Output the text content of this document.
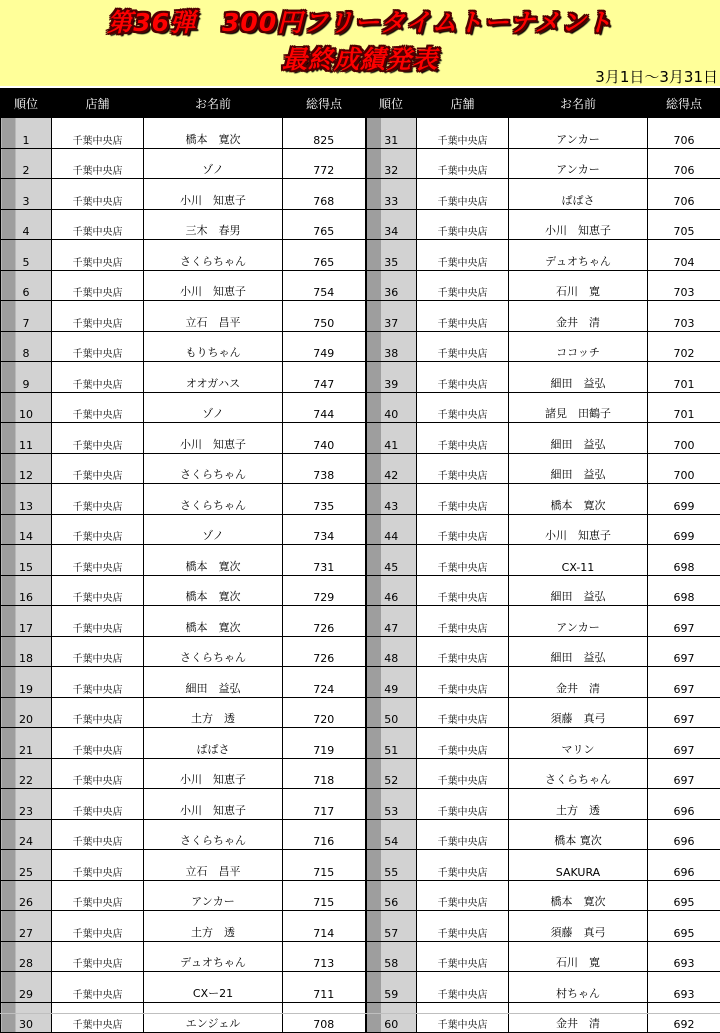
第36弾　300円フリータイムトーナメント
最終成績発表
3月1日～3月31日
順位	店舗	お名前	総得点	順位	店舗	お名前	総得点
1	千葉中央店	橋本　寛次	825	31	千葉中央店	アンカー	706
2	千葉中央店	ゾノ	772	32	千葉中央店	アンカー	706
3	千葉中央店	小川　知恵子	768	33	千葉中央店	ぱぱさ	706
4	千葉中央店	三木　春男	765	34	千葉中央店	小川　知恵子	705
5	千葉中央店	さくらちゃん	765	35	千葉中央店	デュオちゃん	704
6	千葉中央店	小川　知恵子	754	36	千葉中央店	石川　寛	703
7	千葉中央店	立石　昌平	750	37	千葉中央店	金井　清	703
8	千葉中央店	もりちゃん	749	38	千葉中央店	ココッチ	702
9	千葉中央店	オオガハス	747	39	千葉中央店	細田　益弘	701
10	千葉中央店	ゾノ	744	40	千葉中央店	諸見　田鶴子	701
11	千葉中央店	小川　知恵子	740	41	千葉中央店	細田　益弘	700
12	千葉中央店	さくらちゃん	738	42	千葉中央店	細田　益弘	700
13	千葉中央店	さくらちゃん	735	43	千葉中央店	橋本　寛次	699
14	千葉中央店	ゾノ	734	44	千葉中央店	小川　知恵子	699
15	千葉中央店	橋本　寛次	731	45	千葉中央店	CX-11	698
16	千葉中央店	橋本　寛次	729	46	千葉中央店	細田　益弘	698
17	千葉中央店	橋本　寛次	726	47	千葉中央店	アンカー	697
18	千葉中央店	さくらちゃん	726	48	千葉中央店	細田　益弘	697
19	千葉中央店	細田　益弘	724	49	千葉中央店	金井　清	697
20	千葉中央店	土方　透	720	50	千葉中央店	須藤　真弓	697
21	千葉中央店	ぱぱさ	719	51	千葉中央店	マリン	697
22	千葉中央店	小川　知恵子	718	52	千葉中央店	さくらちゃん	697
23	千葉中央店	小川　知恵子	717	53	千葉中央店	土方　透	696
24	千葉中央店	さくらちゃん	716	54	千葉中央店	橋本 寛次	696
25	千葉中央店	立石　昌平	715	55	千葉中央店	SAKURA	696
26	千葉中央店	アンカー	715	56	千葉中央店	橋本　寛次	695
27	千葉中央店	土方　透	714	57	千葉中央店	須藤　真弓	695
28	千葉中央店	デュオちゃん	713	58	千葉中央店	石川　寛	693
29	千葉中央店	CXー21	711	59	千葉中央店	村ちゃん	693
30	千葉中央店	エンジェル	708	60	千葉中央店	金井　清	692
